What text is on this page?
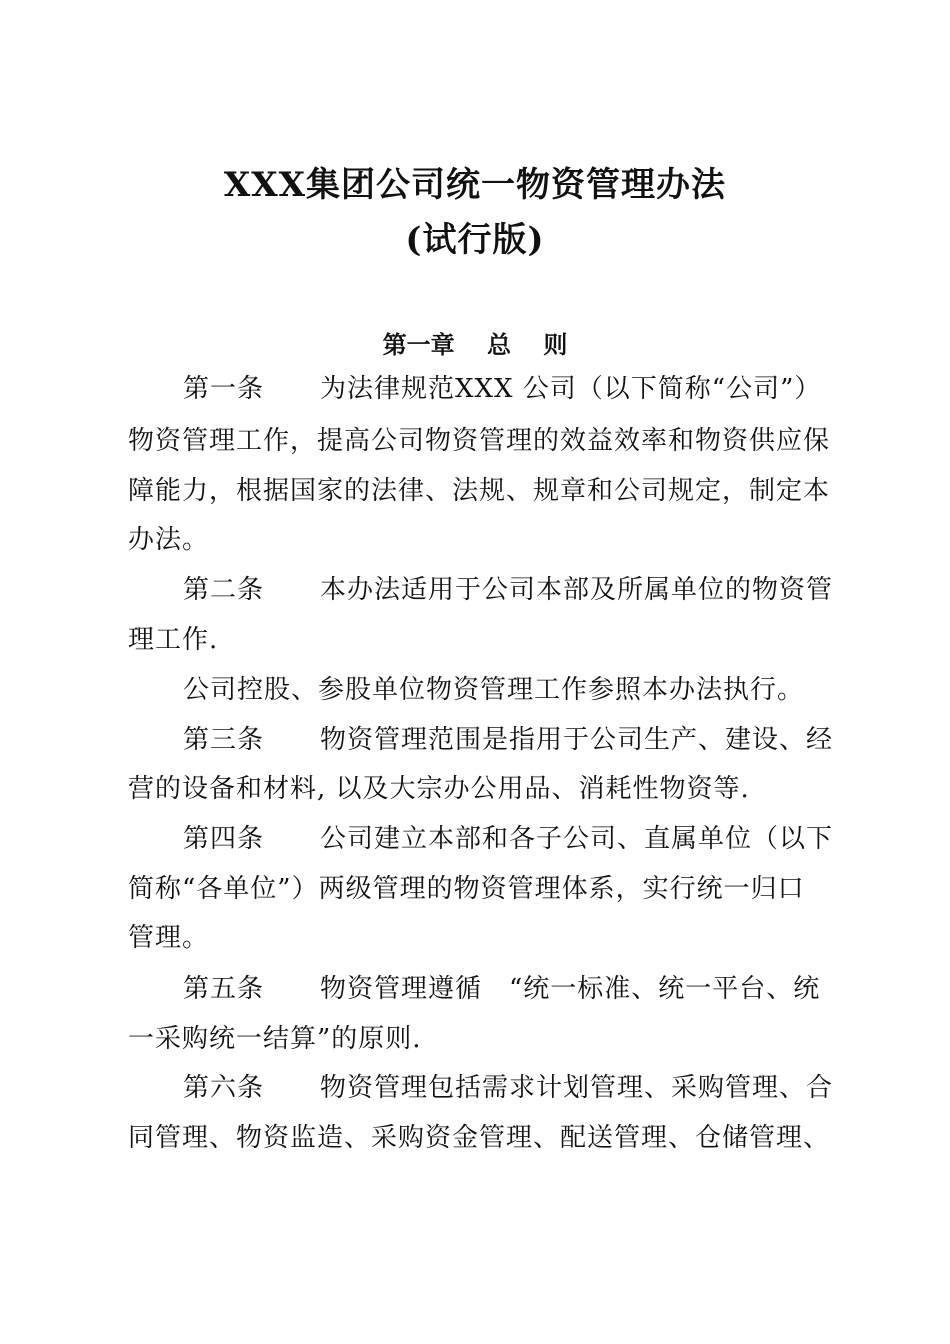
XXX集团公司统一物资管理办法
(试行版)
第一章　 总　 则
第一条 为法律规范XXX 公司（以下简称“公司”）
物资管理工作，提高公司物资管理的效益效率和物资供应保
障能力，根据国家的法律、法规、规章和公司规定，制定本
办法。
第二条 本办法适用于公司本部及所属单位的物资管
理工作.
公司控股、参股单位物资管理工作参照本办法执行。
第三条 物资管理范围是指用于公司生产、建设、经
营的设备和材料, 以及大宗办公用品、消耗性物资等.
第四条 公司建立本部和各子公司、直属单位（以下
简称“各单位”）两级管理的物资管理体系，实行统一归口
管理。
第五条 物资管理遵循　“统一标准、统一平台、统
一采购统一结算”的原则.
第六条 物资管理包括需求计划管理、采购管理、合
同管理、物资监造、采购资金管理、配送管理、仓储管理、
